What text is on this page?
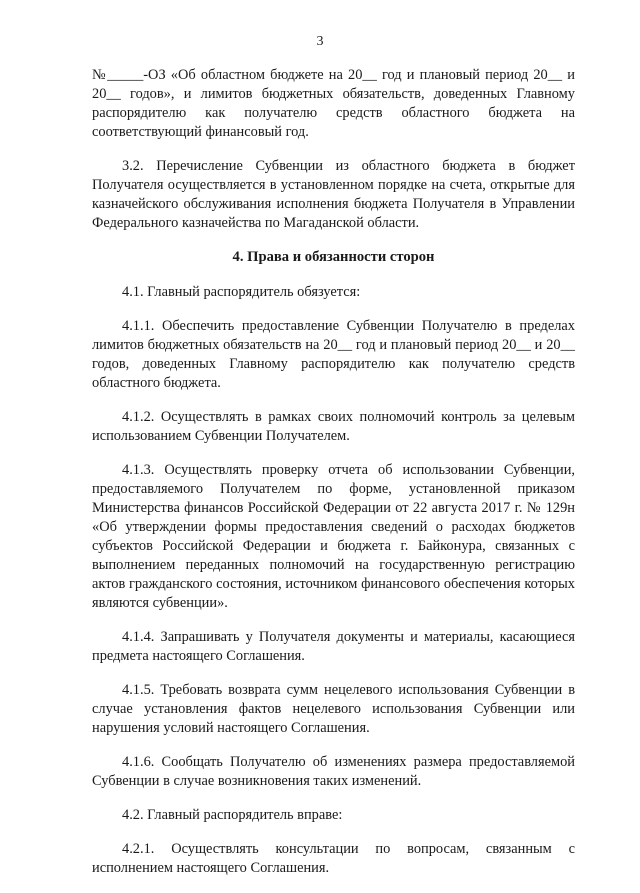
3

№_____-ОЗ «Об областном бюджете на 20__ год и плановый период 20__ и 20__ годов», и лимитов бюджетных обязательств, доведенных Главному распорядителю как получателю средств областного бюджета на соответствующий финансовый год.

3.2. Перечисление Субвенции из областного бюджета в бюджет Получателя осуществляется в установленном порядке на счета, открытые для казначейского обслуживания исполнения бюджета Получателя в Управлении Федерального казначейства по Магаданской области.

4. Права и обязанности сторон

4.1. Главный распорядитель обязуется:

4.1.1. Обеспечить предоставление Субвенции Получателю в пределах лимитов бюджетных обязательств на 20__ год и плановый период 20__ и 20__ годов, доведенных Главному распорядителю как получателю средств областного бюджета.

4.1.2. Осуществлять в рамках своих полномочий контроль за целевым использованием Субвенции Получателем.

4.1.3. Осуществлять проверку отчета об использовании Субвенции, предоставляемого Получателем по форме, установленной приказом Министерства финансов Российской Федерации от 22 августа 2017 г. № 129н «Об утверждении формы предоставления сведений о расходах бюджетов субъектов Российской Федерации и бюджета г. Байконура, связанных с выполнением переданных полномочий на государственную регистрацию актов гражданского состояния, источником финансового обеспечения которых являются субвенции».

4.1.4. Запрашивать у Получателя документы и материалы, касающиеся предмета настоящего Соглашения.

4.1.5. Требовать возврата сумм нецелевого использования Субвенции в случае установления фактов нецелевого использования Субвенции или нарушения условий настоящего Соглашения.

4.1.6. Сообщать Получателю об изменениях размера предоставляемой Субвенции в случае возникновения таких изменений.

4.2. Главный распорядитель вправе:

4.2.1. Осуществлять консультации по вопросам, связанным с исполнением настоящего Соглашения.
